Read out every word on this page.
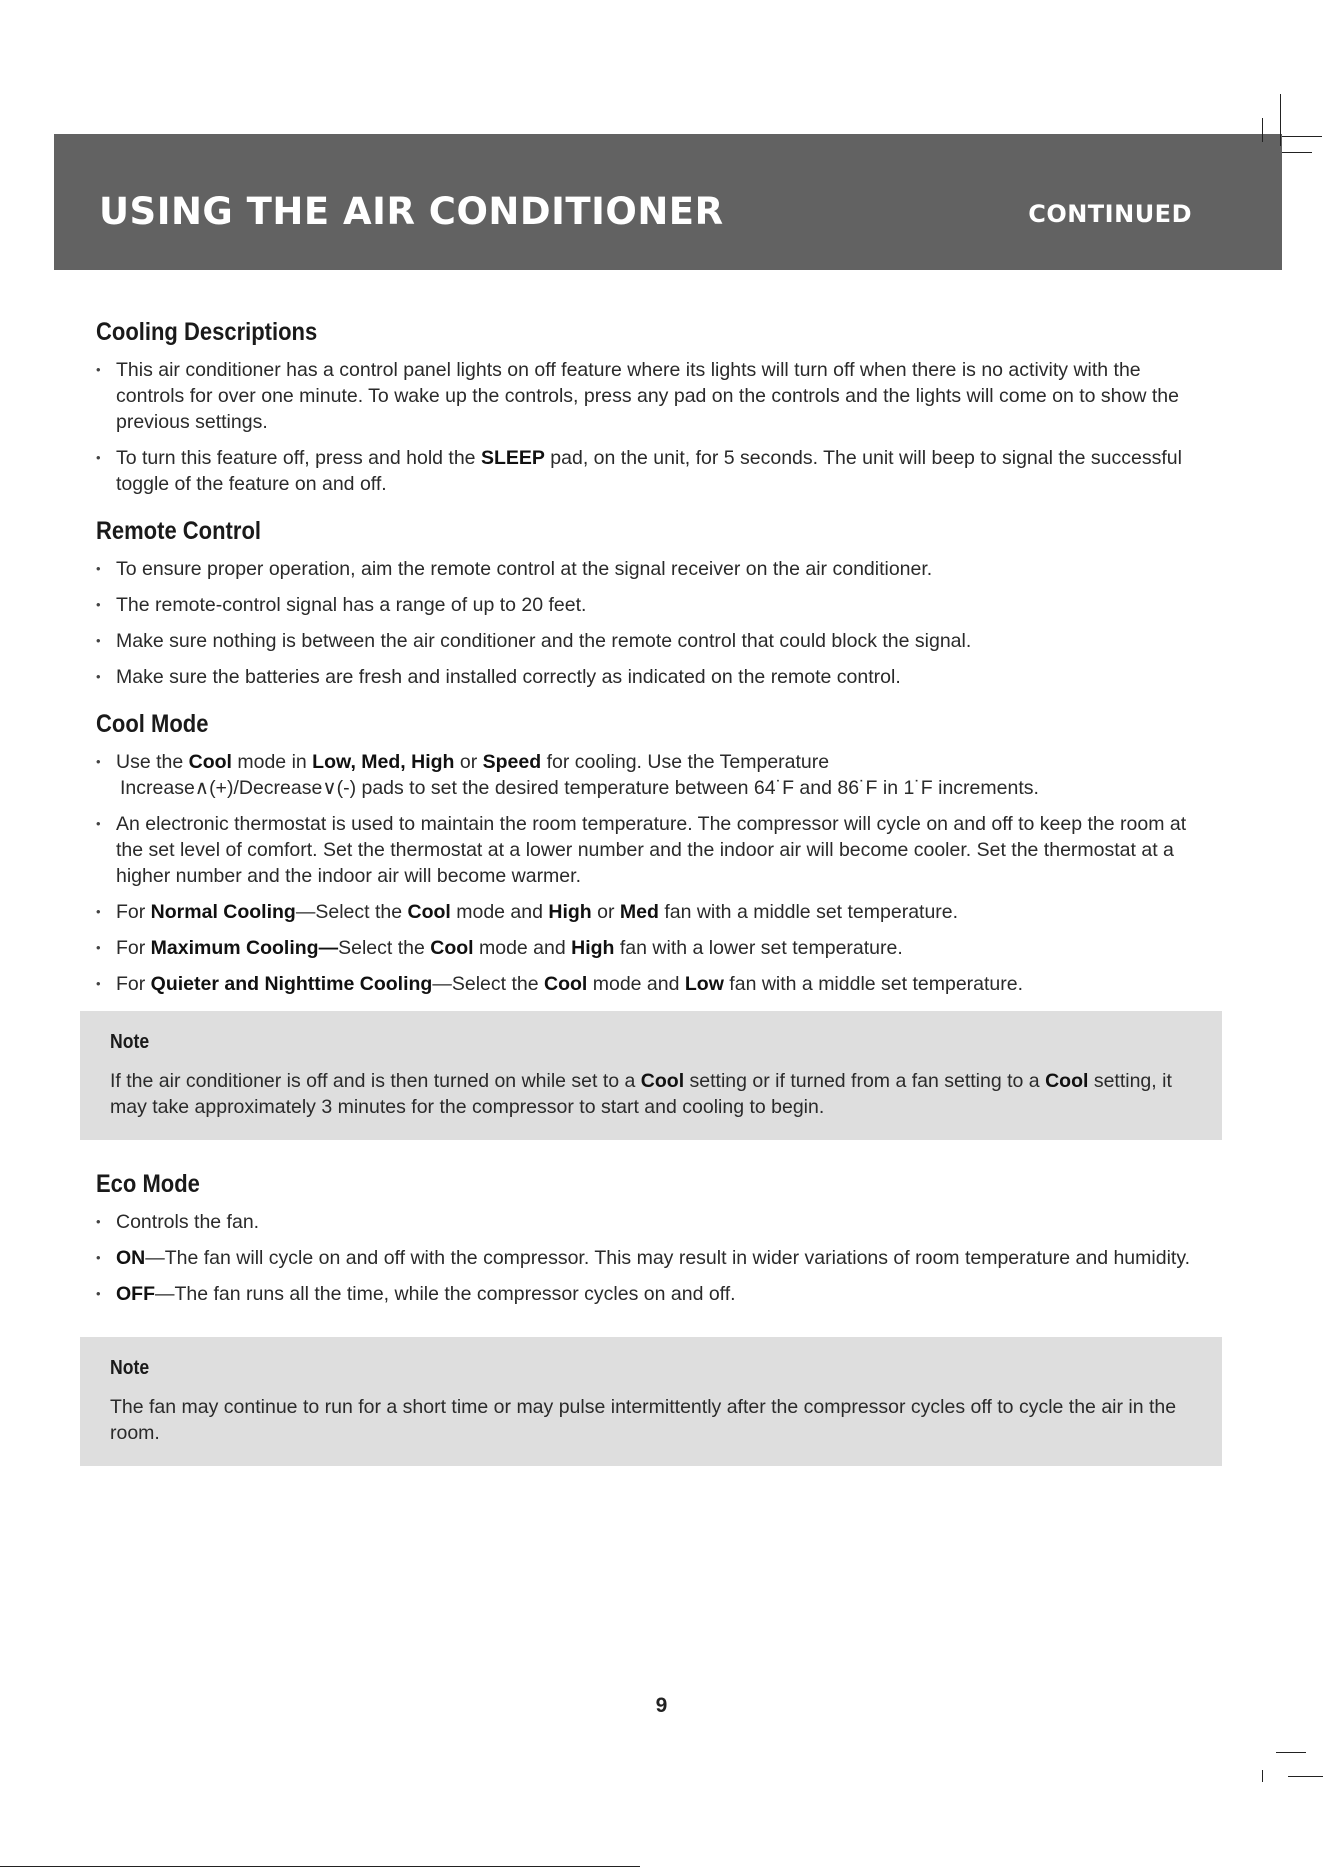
USING THE AIR CONDITIONER	CONTINUED
Cooling Descriptions
• This air conditioner has a control panel lights on off feature where its lights will turn off when there is no activity with the controls for over one minute. To wake up the controls, press any pad on the controls and the lights will come on to show the previous settings.
• To turn this feature off, press and hold the SLEEP pad, on the unit, for 5 seconds. The unit will beep to signal the successful toggle of the feature on and off.
Remote Control
• To ensure proper operation, aim the remote control at the signal receiver on the air conditioner.
• The remote-control signal has a range of up to 20 feet.
• Make sure nothing is between the air conditioner and the remote control that could block the signal.
• Make sure the batteries are fresh and installed correctly as indicated on the remote control.
Cool Mode
• Use the Cool mode in Low, Med, High or Speed for cooling. Use the Temperature
Increase∧(+)/Decrease∨(-) pads to set the desired temperature between 64˙F and 86˙F in 1˙F increments.
• An electronic thermostat is used to maintain the room temperature. The compressor will cycle on and off to keep the room at the set level of comfort. Set the thermostat at a lower number and the indoor air will become cooler. Set the thermostat at a higher number and the indoor air will become warmer.
• For Normal Cooling—Select the Cool mode and High or Med fan with a middle set temperature.
• For Maximum Cooling—Select the Cool mode and High fan with a lower set temperature.
• For Quieter and Nighttime Cooling—Select the Cool mode and Low fan with a middle set temperature.
Note
If the air conditioner is off and is then turned on while set to a Cool setting or if turned from a fan setting to a Cool setting, it may take approximately 3 minutes for the compressor to start and cooling to begin.
Eco Mode
• Controls the fan.
• ON—The fan will cycle on and off with the compressor. This may result in wider variations of room temperature and humidity.
• OFF—The fan runs all the time, while the compressor cycles on and off.
Note
The fan may continue to run for a short time or may pulse intermittently after the compressor cycles off to cycle the air in the room.
9
